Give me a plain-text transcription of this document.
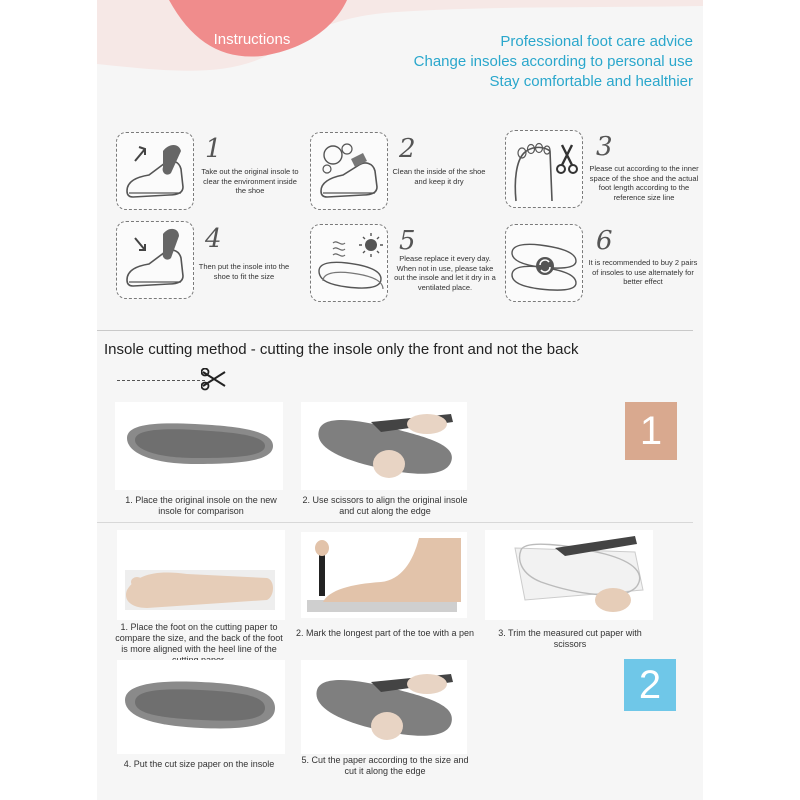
Instructions	Professional foot care advice
Change insoles according to personal use
Stay comfortable and healthier
1
Take out the original insole to clear the environment inside the shoe
2
Clean the inside of the shoe and keep it dry
3
Please cut according to the inner space of the shoe and the actual foot length according to the reference size line
4
Then put the insole into the shoe to fit the size
5
Please replace it every day. When not in use, please take out the insole and let it dry in a ventilated place.
6
It is recommended to buy 2 pairs of insoles to use alternately for better effect
Insole cutting method - cutting the insole only the front and not the back
1. Place the original insole on the new insole for comparison
2. Use scissors to align the original insole and cut along the edge
1
1. Place the foot on the cutting paper to compare the size, and the back of the foot is more aligned with the heel line of the
2. Mark the longest part of the toe with a pen	3. Trim the measured cut paper with scissors
2
4. Put the cut size paper on the insole	5. Cut the paper according to the size and cut it along the edge
